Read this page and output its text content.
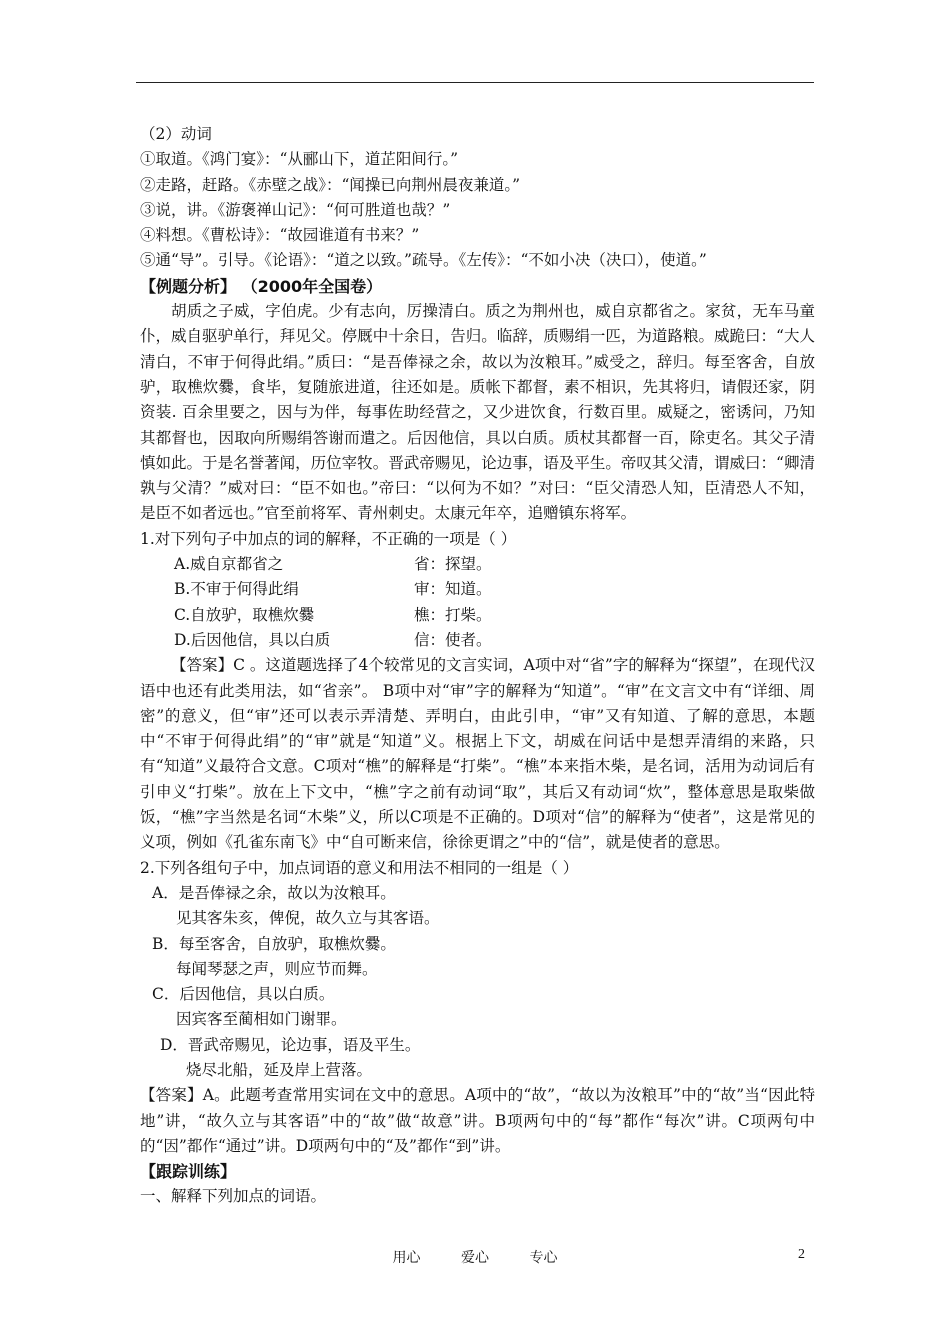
（2）动词
①取道。《鸿门宴》：“从郦山下，道芷阳间行。”
②走路，赶路。《赤壁之战》：“闻操已向荆州晨夜兼道。”
③说，讲。《游褒禅山记》：“何可胜道也哉？”
④料想。《曹松诗》：“故园谁道有书来？”
⑤通“导”。引导。《论语》：“道之以致。”疏导。《左传》：“不如小决（决口），使道。”
【例题分析】 （2000年全国卷）
胡质之子威，字伯虎。少有志向，厉操清白。质之为荆州也，威自京都省之。家贫，无车马童仆，威自驱驴单行，拜见父。停厩中十余日，告归。临辞，质赐绢一匹，为道路粮。威跪曰：“大人清白，不审于何得此绢。”质曰：“是吾俸禄之余，故以为汝粮耳。”威受之，辞归。每至客舍，自放驴，取樵炊爨，食毕，复随旅进道，往还如是。质帐下都督，素不相识，先其将归，请假还家，阴资装. 百余里要之，因与为伴，每事佐助经营之，又少进饮食，行数百里。威疑之，密诱问，乃知其都督也，因取向所赐绢答谢而遣之。后因他信，具以白质。质杖其都督一百，除吏名。其父子清慎如此。于是名誉著闻，历位宰牧。晋武帝赐见，论边事，语及平生。帝叹其父清，谓威曰：“卿清孰与父清？”威对曰：“臣不如也。”帝曰：“以何为不如？”对曰：“臣父清恐人知，臣清恐人不知，是臣不如者远也。”官至前将军、青州刺史。太康元年卒，追赠镇东将军。
1.对下列句子中加点的词的解释，不正确的一项是（ ）
A.威自京都省之	省：探望。
B.不审于何得此绢	审：知道。
C.自放驴，取樵炊爨	樵：打柴。
D.后因他信，具以白质	信：使者。
【答案】C 。这道题选择了4个较常见的文言实词，A项中对“省”字的解释为“探望”，在现代汉语中也还有此类用法，如“省亲”。 B项中对“审”字的解释为“知道”。“审”在文言文中有“详细、周密”的意义，但“审”还可以表示弄清楚、弄明白，由此引申，“审”又有知道、了解的意思，本题中“不审于何得此绢”的“审”就是“知道”义。根据上下文，胡威在问话中是想弄清绢的来路，只有“知道”义最符合文意。C项对“樵”的解释是“打柴”。“樵”本来指木柴，是名词，活用为动词后有引申义“打柴”。放在上下文中，“樵”字之前有动词“取”，其后又有动词“炊”，整体意思是取柴做饭，“樵”字当然是名词“木柴”义，所以C项是不正确的。D项对“信”的解释为“使者”，这是常见的义项，例如《孔雀东南飞》中“自可断来信，徐徐更谓之”中的“信”，就是使者的意思。
2.下列各组句子中，加点词语的意义和用法不相同的一组是（ ）
A．是吾俸禄之余，故以为汝粮耳。
见其客朱亥，俾倪，故久立与其客语。
B．每至客舍，自放驴，取樵炊爨。
每闻琴瑟之声，则应节而舞。
C．后因他信，具以白质。
因宾客至蔺相如门谢罪。
D．晋武帝赐见，论边事，语及平生。
烧尽北船，延及岸上营落。
【答案】A。此题考查常用实词在文中的意思。A项中的“故”，“故以为汝粮耳”中的“故”当“因此特地”讲，“故久立与其客语”中的“故”做“故意”讲。B项两句中的“每”都作“每次”讲。C项两句中的“因”都作“通过”讲。D项两句中的“及”都作“到”讲。
【跟踪训练】
一、解释下列加点的词语。
用心	爱心	专心	2
